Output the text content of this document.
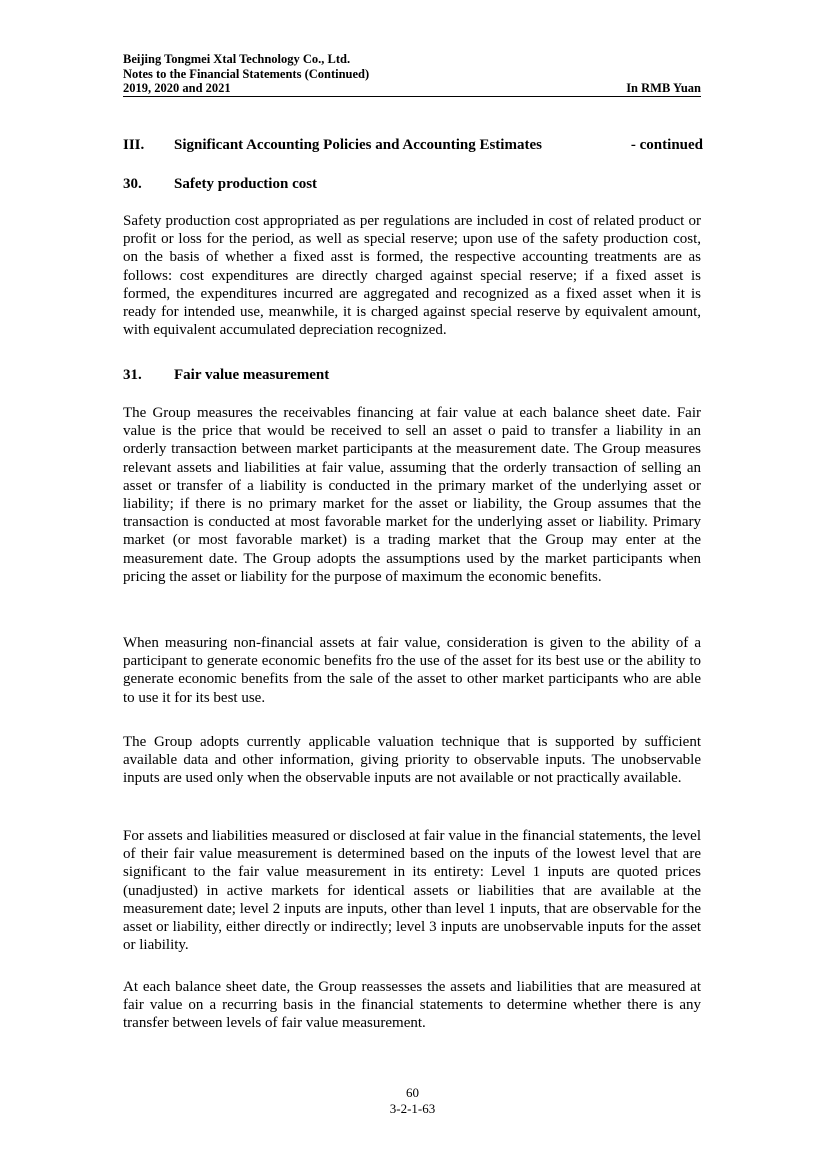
Beijing Tongmei Xtal Technology Co., Ltd.
Notes to the Financial Statements (Continued)
2019, 2020 and 2021	In RMB Yuan
III.	Significant Accounting Policies and Accounting Estimates	- continued
30.	Safety production cost

Safety production cost appropriated as per regulations are included in cost of related product or profit or loss for the period, as well as special reserve; upon use of the safety production cost, on the basis of whether a fixed asst is formed, the respective accounting treatments are as follows: cost expenditures are directly charged against special reserve; if a fixed asset is formed, the expenditures incurred are aggregated and recognized as a fixed asset when it is ready for intended use, meanwhile, it is charged against special reserve by equivalent amount, with equivalent accumulated depreciation recognized.

31.	Fair value measurement

The Group measures the receivables financing at fair value at each balance sheet date. Fair value is the price that would be received to sell an asset o paid to transfer a liability in an orderly transaction between market participants at the measurement date. The Group measures relevant assets and liabilities at fair value, assuming that the orderly transaction of selling an asset or transfer of a liability is conducted in the primary market of the underlying asset or liability; if there is no primary market for the asset or liability, the Group assumes that the transaction is conducted at most favorable market for the underlying asset or liability. Primary market (or most favorable market) is a trading market that the Group may enter at the measurement date. The Group adopts the assumptions used by the market participants when pricing the asset or liability for the purpose of maximum the economic benefits.

When measuring non-financial assets at fair value, consideration is given to the ability of a participant to generate economic benefits fro the use of the asset for its best use or the ability to generate economic benefits from the sale of the asset to other market participants who are able to use it for its best use.

The Group adopts currently applicable valuation technique that is supported by sufficient available data and other information, giving priority to observable inputs. The unobservable inputs are used only when the observable inputs are not available or not practically available.

For assets and liabilities measured or disclosed at fair value in the financial statements, the level of their fair value measurement is determined based on the inputs of the lowest level that are significant to the fair value measurement in its entirety: Level 1 inputs are quoted prices (unadjusted) in active markets for identical assets or liabilities that are available at the measurement date; level 2 inputs are inputs, other than level 1 inputs, that are observable for the asset or liability, either directly or indirectly; level 3 inputs are unobservable inputs for the asset or liability.

At each balance sheet date, the Group reassesses the assets and liabilities that are measured at fair value on a recurring basis in the financial statements to determine whether there is any transfer between levels of fair value measurement.

60
3-2-1-63
